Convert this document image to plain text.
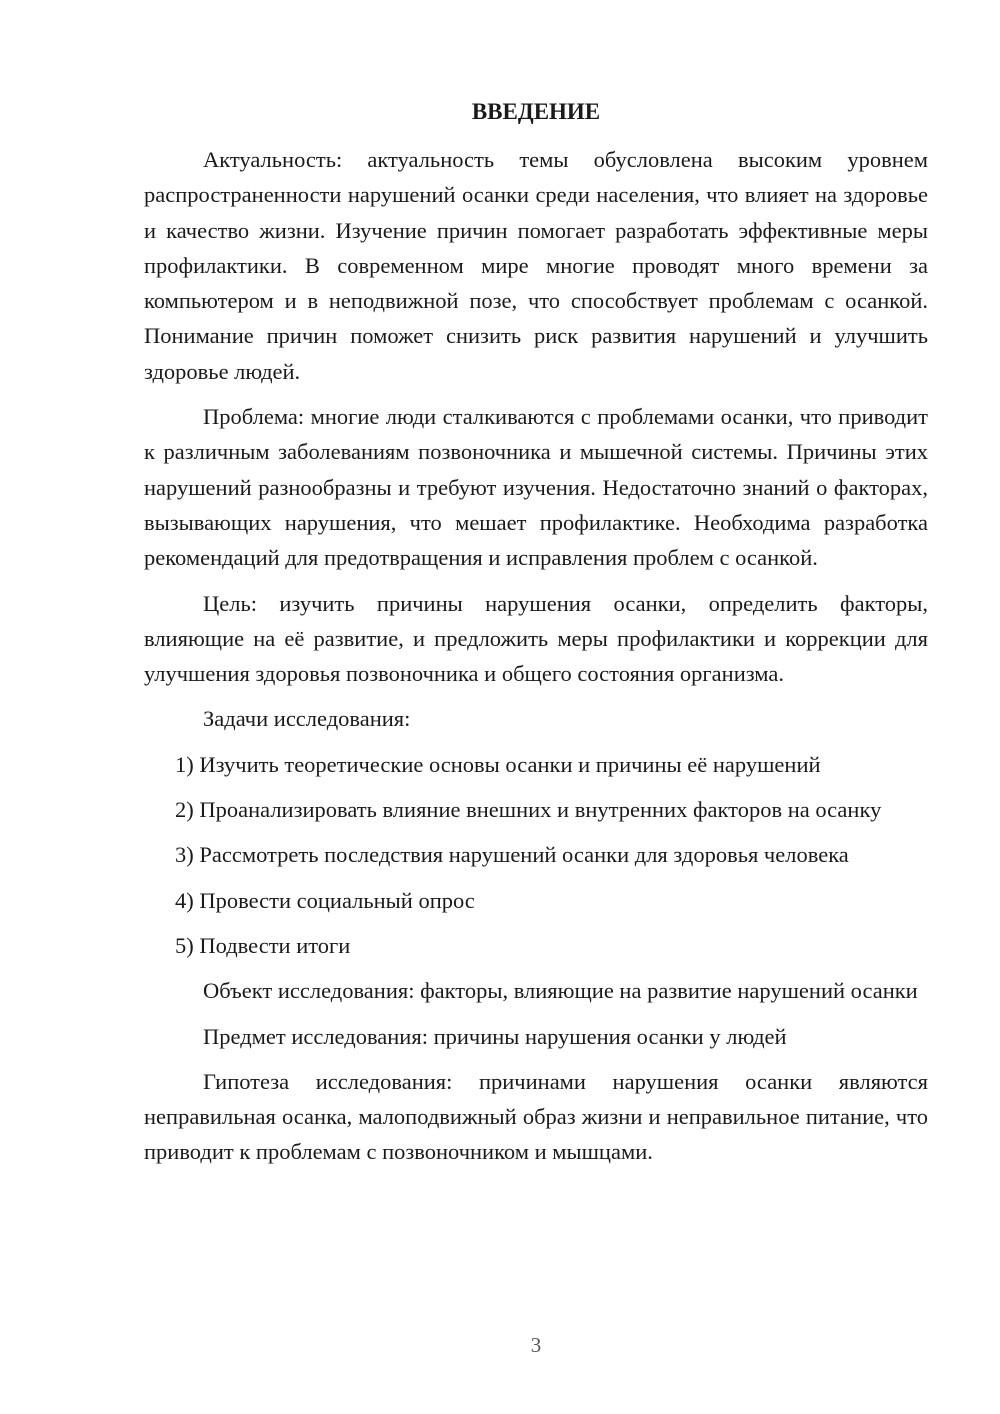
ВВЕДЕНИЕ

Актуальность: актуальность темы обусловлена высоким уровнем распространенности нарушений осанки среди населения, что влияет на здоровье и качество жизни. Изучение причин помогает разработать эффективные меры профилактики. В современном мире многие проводят много времени за компьютером и в неподвижной позе, что способствует проблемам с осанкой. Понимание причин поможет снизить риск развития нарушений и улучшить здоровье людей.

Проблема: многие люди сталкиваются с проблемами осанки, что приводит к различным заболеваниям позвоночника и мышечной системы. Причины этих нарушений разнообразны и требуют изучения. Недостаточно знаний о факторах, вызывающих нарушения, что мешает профилактике. Необходима разработка рекомендаций для предотвращения и исправления проблем с осанкой.

Цель: изучить причины нарушения осанки, определить факторы, влияющие на её развитие, и предложить меры профилактики и коррекции для улучшения здоровья позвоночника и общего состояния организма.

Задачи исследования:

1) Изучить теоретические основы осанки и причины её нарушений

2) Проанализировать влияние внешних и внутренних факторов на осанку

3) Рассмотреть последствия нарушений осанки для здоровья человека

4) Провести социальный опрос

5) Подвести итоги

Объект исследования: факторы, влияющие на развитие нарушений осанки

Предмет исследования: причины нарушения осанки у людей

Гипотеза исследования: причинами нарушения осанки являются неправильная осанка, малоподвижный образ жизни и неправильное питание, что приводит к проблемам с позвоночником и мышцами.

3
